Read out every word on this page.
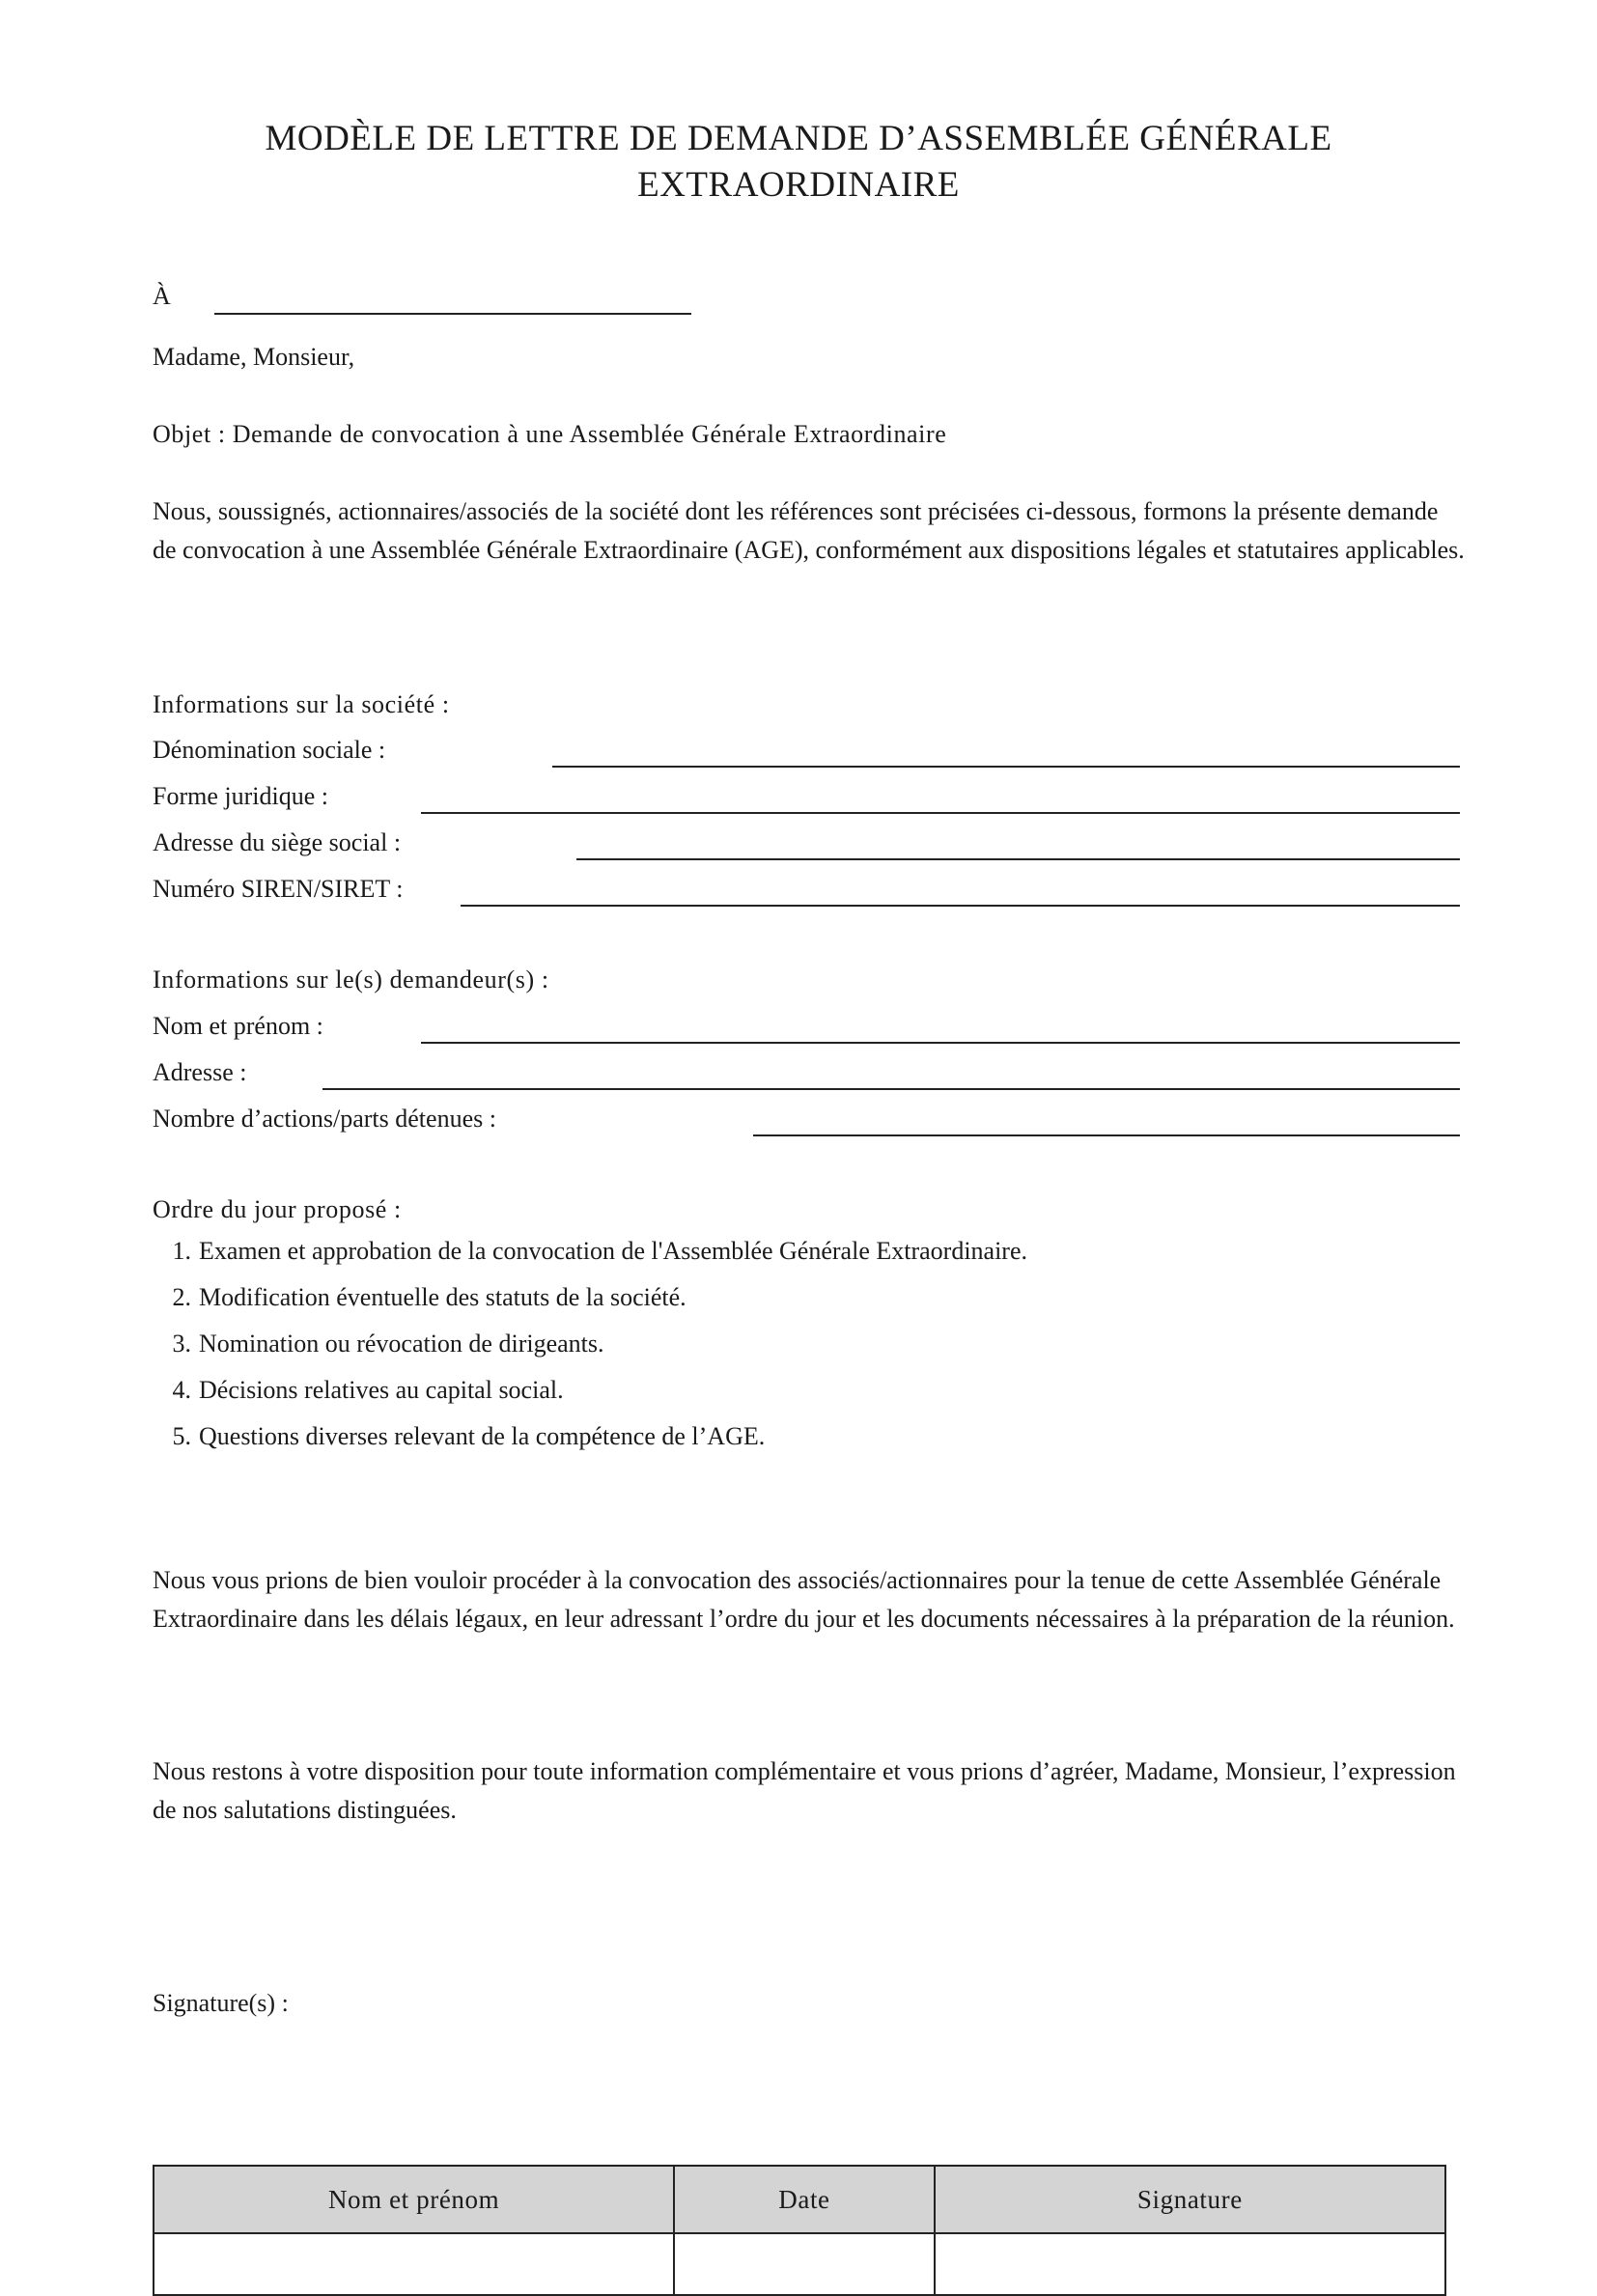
MODÈLE DE LETTRE DE DEMANDE D’ASSEMBLÉE GÉNÉRALE
EXTRAORDINAIRE
À
Madame, Monsieur,
Objet : Demande de convocation à une Assemblée Générale Extraordinaire
Nous, soussignés, actionnaires/associés de la société dont les références sont précisées ci-dessous, formons la présente demande de convocation à une Assemblée Générale Extraordinaire (AGE), conformément aux dispositions légales et statutaires applicables.
Informations sur la société :
Dénomination sociale :
Forme juridique :
Adresse du siège social :
Numéro SIREN/SIRET :
Informations sur le(s) demandeur(s) :
Nom et prénom :
Adresse :
Nombre d’actions/parts détenues :
Ordre du jour proposé :
1. Examen et approbation de la convocation de l'Assemblée Générale Extraordinaire.
2. Modification éventuelle des statuts de la société.
3. Nomination ou révocation de dirigeants.
4. Décisions relatives au capital social.
5. Questions diverses relevant de la compétence de l’AGE.
Nous vous prions de bien vouloir procéder à la convocation des associés/actionnaires pour la tenue de cette Assemblée Générale Extraordinaire dans les délais légaux, en leur adressant l’ordre du jour et les documents nécessaires à la préparation de la réunion.
Nous restons à votre disposition pour toute information complémentaire et vous prions d’agréer, Madame, Monsieur, l’expression de nos salutations distinguées.
Signature(s) :
Nom et prénom	Date	Signature
